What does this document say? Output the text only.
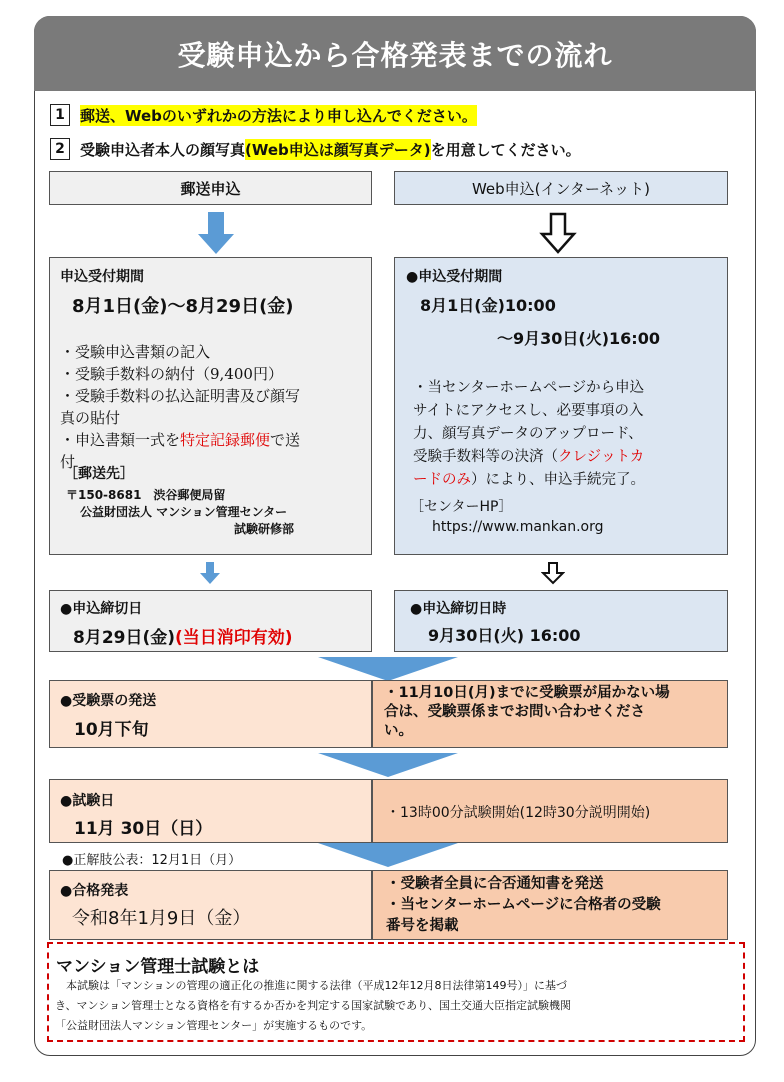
受験申込から合格発表までの流れ
1	郵送、Webのいずれかの方法により申し込んでください。
2	受験申込者本人の顔写真 (Web申込は顔写真データ) を用意してください。
郵送申込	Web申込(インターネット)
申込受付期間
8月1日(金)～8月29日(金)
・受験申込書類の記入
・受験手数料の納付（9,400円）
・受験手数料の払込証明書及び顔写
真の貼付
・申込書類一式を特定記録郵便で送
付
［郵送先］
〒150-8681　渋谷郵便局留
公益財団法人 マンション管理センター
試験研修部
●申込受付期間
8月1日(金)10:00
～9月30日(火)16:00
・当センターホームページから申込
サイトにアクセスし、必要事項の入
力、顔写真データのアップロード、
受験手数料等の決済（クレジットカ
ードのみ）により、申込手続完了。
［センターHP］
https://www.mankan.org
●申込締切日
8月29日(金)(当日消印有効)
●申込締切日時
9月30日(火) 16:00
●受験票の発送
10月下旬
・11月10日(月)までに受験票が届かない場
合は、受験票係までお問い合わせくださ
い。
●試験日
11月 30日（日）
・13時00分試験開始(12時30分説明開始)
●正解肢公表：12月1日（月）
●合格発表
令和8年1月9日（金）
・受験者全員に合否通知書を発送
・当センターホームページに合格者の受験
番号を掲載
マンション管理士試験とは
本試験は「マンションの管理の適正化の推進に関する法律（平成12年12月8日法律第149号）」に基づ
き、マンション管理士となる資格を有するか否かを判定する国家試験であり、国土交通大臣指定試験機関
「公益財団法人マンション管理センター」が実施するものです。
